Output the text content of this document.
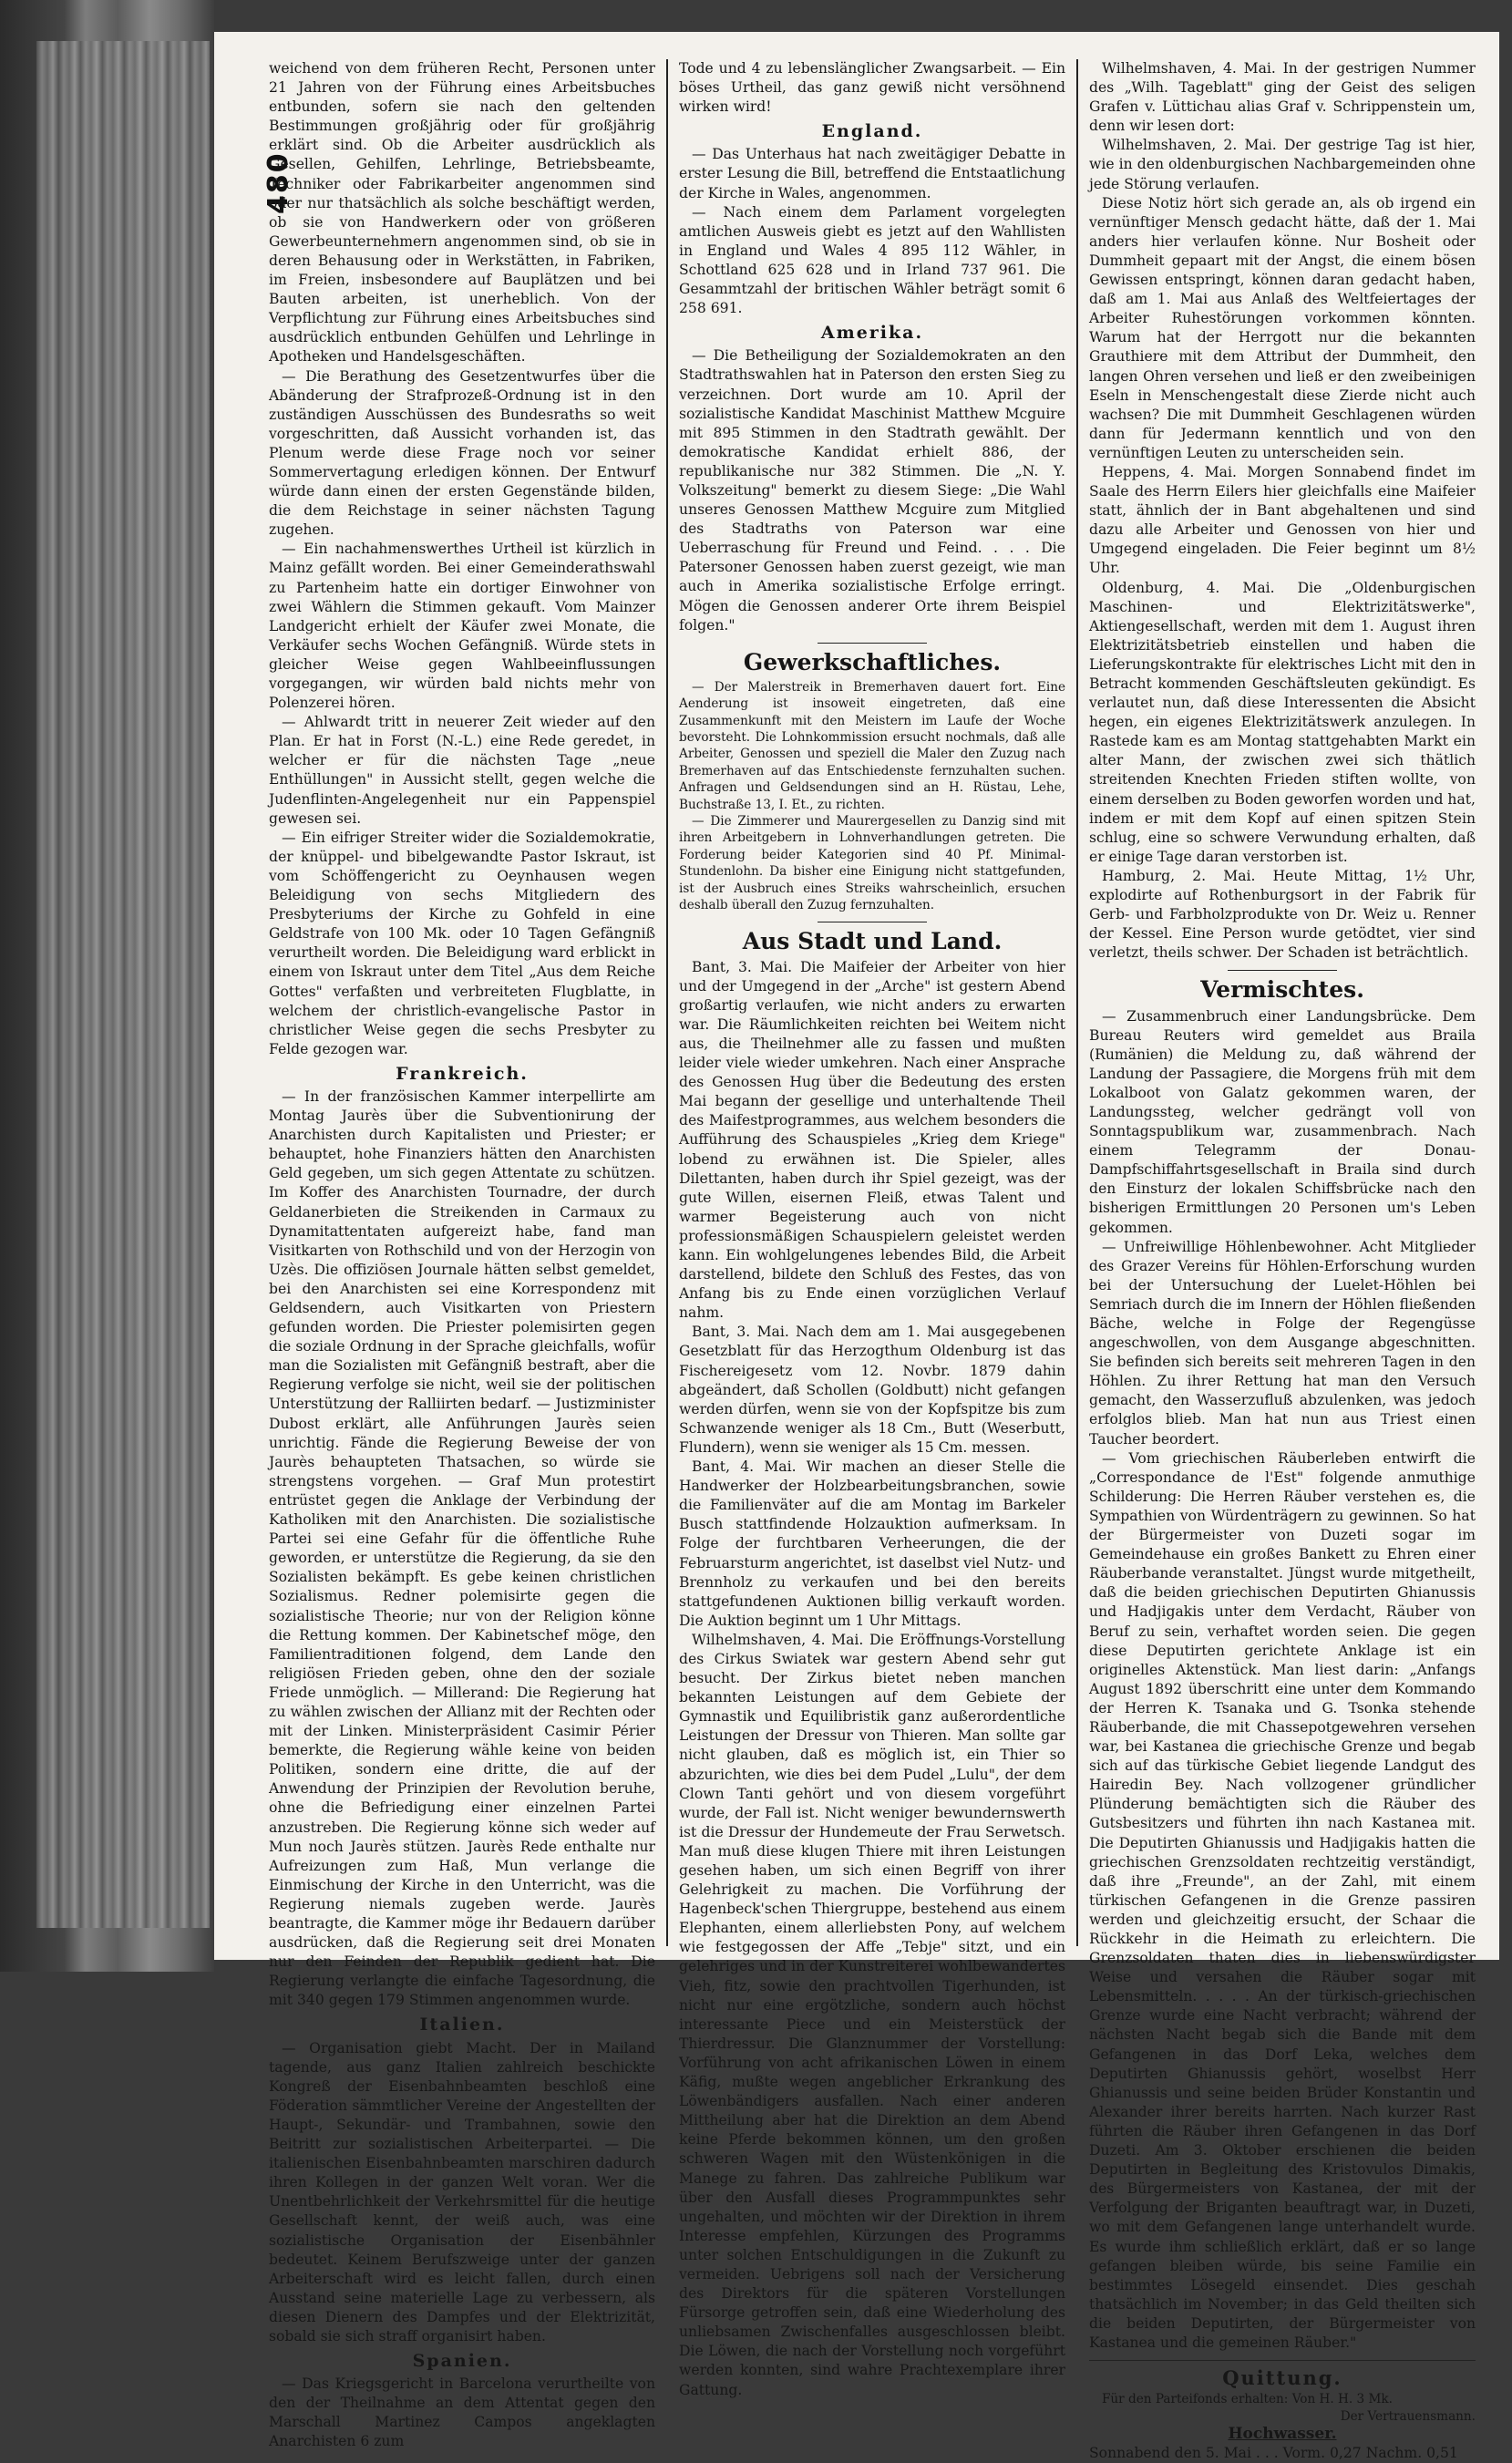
480

weichend von dem früheren Recht, Personen unter 21 Jahren von der Führung eines Arbeitsbuches entbunden, sofern sie nach den geltenden Bestimmungen großjährig oder für großjährig erklärt sind. Ob die Arbeiter ausdrücklich als Gesellen, Gehilfen, Lehrlinge, Betriebsbeamte, Techniker oder Fabrikarbeiter angenommen sind oder nur thatsächlich als solche beschäftigt werden, ob sie von Handwerkern oder von größeren Gewerbeunternehmern angenommen sind, ob sie in deren Behausung oder in Werkstätten, in Fabriken, im Freien, insbesondere auf Bauplätzen und bei Bauten arbeiten, ist unerheblich. Von der Verpflichtung zur Führung eines Arbeitsbuches sind ausdrücklich entbunden Gehülfen und Lehrlinge in Apotheken und Handelsgeschäften.

— Die Berathung des Gesetzentwurfes über die Abänderung der Strafprozeß-Ordnung ist in den zuständigen Ausschüssen des Bundesraths so weit vorgeschritten, daß Aussicht vorhanden ist, das Plenum werde diese Frage noch vor seiner Sommervertagung erledigen können. Der Entwurf würde dann einen der ersten Gegenstände bilden, die dem Reichstage in seiner nächsten Tagung zugehen.

— Ein nachahmenswerthes Urtheil ist kürzlich in Mainz gefällt worden. Bei einer Gemeinderathswahl zu Partenheim hatte ein dortiger Einwohner von zwei Wählern die Stimmen gekauft. Vom Mainzer Landgericht erhielt der Käufer zwei Monate, die Verkäufer sechs Wochen Gefängniß. Würde stets in gleicher Weise gegen Wahlbeeinflussungen vorgegangen, wir würden bald nichts mehr von Polenzerei hören.

— Ahlwardt tritt in neuerer Zeit wieder auf den Plan. Er hat in Forst (N.-L.) eine Rede geredet, in welcher er für die nächsten Tage „neue Enthüllungen" in Aussicht stellt, gegen welche die Judenflinten-Angelegenheit nur ein Pappenspiel gewesen sei.

— Ein eifriger Streiter wider die Sozialdemokratie, der knüppel- und bibelgewandte Pastor Iskraut, ist vom Schöffengericht zu Oeynhausen wegen Beleidigung von sechs Mitgliedern des Presbyteriums der Kirche zu Gohfeld in eine Geldstrafe von 100 Mk. oder 10 Tagen Gefängniß verurtheilt worden. Die Beleidigung ward erblickt in einem von Iskraut unter dem Titel „Aus dem Reiche Gottes" verfaßten und verbreiteten Flugblatte, in welchem der christlich-evangelische Pastor in christlicher Weise gegen die sechs Presbyter zu Felde gezogen war.

Frankreich.

— In der französischen Kammer interpellirte am Montag Jaurès über die Subventionirung der Anarchisten durch Kapitalisten und Priester; er behauptet, hohe Finanziers hätten den Anarchisten Geld gegeben, um sich gegen Attentate zu schützen. Im Koffer des Anarchisten Tournadre, der durch Geldanerbieten die Streikenden in Carmaux zu Dynamitattentaten aufgereizt habe, fand man Visitkarten von Rothschild und von der Herzogin von Uzès. Die offiziösen Journale hätten selbst gemeldet, bei den Anarchisten sei eine Korrespondenz mit Geldsendern, auch Visitkarten von Priestern gefunden worden. Die Priester polemisirten gegen die soziale Ordnung in der Sprache gleichfalls, wofür man die Sozialisten mit Gefängniß bestraft, aber die Regierung verfolge sie nicht, weil sie der politischen Unterstützung der Ralliirten bedarf. — Justizminister Dubost erklärt, alle Anführungen Jaurès seien unrichtig. Fände die Regierung Beweise der von Jaurès behaupteten Thatsachen, so würde sie strengstens vorgehen. — Graf Mun protestirt entrüstet gegen die Anklage der Verbindung der Katholiken mit den Anarchisten. Die sozialistische Partei sei eine Gefahr für die öffentliche Ruhe geworden, er unterstütze die Regierung, da sie den Sozialisten bekämpft. Es gebe keinen christlichen Sozialismus. Redner polemisirte gegen die sozialistische Theorie; nur von der Religion könne die Rettung kommen. Der Kabinetschef möge, den Familientraditionen folgend, dem Lande den religiösen Frieden geben, ohne den der soziale Friede unmöglich. — Millerand: Die Regierung hat zu wählen zwischen der Allianz mit der Rechten oder mit der Linken. Ministerpräsident Casimir Périer bemerkte, die Regierung wähle keine von beiden Politiken, sondern eine dritte, die auf der Anwendung der Prinzipien der Revolution beruhe, ohne die Befriedigung einer einzelnen Partei anzustreben. Die Regierung könne sich weder auf Mun noch Jaurès stützen. Jaurès Rede enthalte nur Aufreizungen zum Haß, Mun verlange die Einmischung der Kirche in den Unterricht, was die Regierung niemals zugeben werde. Jaurès beantragte, die Kammer möge ihr Bedauern darüber ausdrücken, daß die Regierung seit drei Monaten nur den Feinden der Republik gedient hat. Die Regierung verlangte die einfache Tagesordnung, die mit 340 gegen 179 Stimmen angenommen wurde.

Italien.

— Organisation giebt Macht. Der in Mailand tagende, aus ganz Italien zahlreich beschickte Kongreß der Eisenbahnbeamten beschloß eine Föderation sämmtlicher Vereine der Angestellten der Haupt-, Sekundär- und Trambahnen, sowie den Beitritt zur sozialistischen Arbeiterpartei. — Die italienischen Eisenbahnbeamten marschiren dadurch ihren Kollegen in der ganzen Welt voran. Wer die Unentbehrlichkeit der Verkehrsmittel für die heutige Gesellschaft kennt, der weiß auch, was eine sozialistische Organisation der Eisenbähnler bedeutet. Keinem Berufszweige unter der ganzen Arbeiterschaft wird es leicht fallen, durch einen Ausstand seine materielle Lage zu verbessern, als diesen Dienern des Dampfes und der Elektrizität, sobald sie sich straff organisirt haben.

Spanien.

— Das Kriegsgericht in Barcelona verurtheilte von den der Theilnahme an dem Attentat gegen den Marschall Martinez Campos angeklagten Anarchisten 6 zum

Tode und 4 zu lebenslänglicher Zwangsarbeit. — Ein böses Urtheil, das ganz gewiß nicht versöhnend wirken wird!

England.

— Das Unterhaus hat nach zweitägiger Debatte in erster Lesung die Bill, betreffend die Entstaatlichung der Kirche in Wales, angenommen.

— Nach einem dem Parlament vorgelegten amtlichen Ausweis giebt es jetzt auf den Wahllisten in England und Wales 4 895 112 Wähler, in Schottland 625 628 und in Irland 737 961. Die Gesammtzahl der britischen Wähler beträgt somit 6 258 691.

Amerika.

— Die Betheiligung der Sozialdemokraten an den Stadtrathswahlen hat in Paterson den ersten Sieg zu verzeichnen. Dort wurde am 10. April der sozialistische Kandidat Maschinist Matthew Mcguire mit 895 Stimmen in den Stadtrath gewählt. Der demokratische Kandidat erhielt 886, der republikanische nur 382 Stimmen. Die „N. Y. Volkszeitung" bemerkt zu diesem Siege: „Die Wahl unseres Genossen Matthew Mcguire zum Mitglied des Stadtraths von Paterson war eine Ueberraschung für Freund und Feind. . . . Die Patersoner Genossen haben zuerst gezeigt, wie man auch in Amerika sozialistische Erfolge erringt. Mögen die Genossen anderer Orte ihrem Beispiel folgen."

Gewerkschaftliches.

— Der Malerstreik in Bremerhaven dauert fort. Eine Aenderung ist insoweit eingetreten, daß eine Zusammenkunft mit den Meistern im Laufe der Woche bevorsteht. Die Lohnkommission ersucht nochmals, daß alle Arbeiter, Genossen und speziell die Maler den Zuzug nach Bremerhaven auf das Entschiedenste fernzuhalten suchen. Anfragen und Geldsendungen sind an H. Rüstau, Lehe, Buchstraße 13, I. Et., zu richten.

— Die Zimmerer und Maurergesellen zu Danzig sind mit ihren Arbeitgebern in Lohnverhandlungen getreten. Die Forderung beider Kategorien sind 40 Pf. Minimal-Stundenlohn. Da bisher eine Einigung nicht stattgefunden, ist der Ausbruch eines Streiks wahrscheinlich, ersuchen deshalb überall den Zuzug fernzuhalten.

Aus Stadt und Land.

Bant, 3. Mai. Die Maifeier der Arbeiter von hier und der Umgegend in der „Arche" ist gestern Abend großartig verlaufen, wie nicht anders zu erwarten war. Die Räumlichkeiten reichten bei Weitem nicht aus, die Theilnehmer alle zu fassen und mußten leider viele wieder umkehren. Nach einer Ansprache des Genossen Hug über die Bedeutung des ersten Mai begann der gesellige und unterhaltende Theil des Maifestprogrammes, aus welchem besonders die Aufführung des Schauspieles „Krieg dem Kriege" lobend zu erwähnen ist. Die Spieler, alles Dilettanten, haben durch ihr Spiel gezeigt, was der gute Willen, eisernen Fleiß, etwas Talent und warmer Begeisterung auch von nicht professionsmäßigen Schauspielern geleistet werden kann. Ein wohlgelungenes lebendes Bild, die Arbeit darstellend, bildete den Schluß des Festes, das von Anfang bis zu Ende einen vorzüglichen Verlauf nahm.

Bant, 3. Mai. Nach dem am 1. Mai ausgegebenen Gesetzblatt für das Herzogthum Oldenburg ist das Fischereigesetz vom 12. Novbr. 1879 dahin abgeändert, daß Schollen (Goldbutt) nicht gefangen werden dürfen, wenn sie von der Kopfspitze bis zum Schwanzende weniger als 18 Cm., Butt (Weserbutt, Flundern), wenn sie weniger als 15 Cm. messen.

Bant, 4. Mai. Wir machen an dieser Stelle die Handwerker der Holzbearbeitungsbranchen, sowie die Familienväter auf die am Montag im Barkeler Busch stattfindende Holzauktion aufmerksam. In Folge der furchtbaren Verheerungen, die der Februarsturm angerichtet, ist daselbst viel Nutz- und Brennholz zu verkaufen und bei den bereits stattgefundenen Auktionen billig verkauft worden. Die Auktion beginnt um 1 Uhr Mittags.

Wilhelmshaven, 4. Mai. Die Eröffnungs-Vorstellung des Cirkus Swiatek war gestern Abend sehr gut besucht. Der Zirkus bietet neben manchen bekannten Leistungen auf dem Gebiete der Gymnastik und Equilibristik ganz außerordentliche Leistungen der Dressur von Thieren. Man sollte gar nicht glauben, daß es möglich ist, ein Thier so abzurichten, wie dies bei dem Pudel „Lulu", der dem Clown Tanti gehört und von diesem vorgeführt wurde, der Fall ist. Nicht weniger bewundernswerth ist die Dressur der Hundemeute der Frau Serwetsch. Man muß diese klugen Thiere mit ihren Leistungen gesehen haben, um sich einen Begriff von ihrer Gelehrigkeit zu machen. Die Vorführung der Hagenbeck'schen Thiergruppe, bestehend aus einem Elephanten, einem allerliebsten Pony, auf welchem wie festgegossen der Affe „Tebje" sitzt, und ein gelehriges und in der Kunstreiterei wohlbewandertes Vieh, fitz, sowie den prachtvollen Tigerhunden, ist nicht nur eine ergötzliche, sondern auch höchst interessante Piece und ein Meisterstück der Thierdressur. Die Glanznummer der Vorstellung: Vorführung von acht afrikanischen Löwen in einem Käfig, mußte wegen angeblicher Erkrankung des Löwenbändigers ausfallen. Nach einer anderen Mittheilung aber hat die Direktion an dem Abend keine Pferde bekommen können, um den großen schweren Wagen mit den Wüstenkönigen in die Manege zu fahren. Das zahlreiche Publikum war über den Ausfall dieses Programmpunktes sehr ungehalten, und möchten wir der Direktion in ihrem Interesse empfehlen, Kürzungen des Programms unter solchen Entschuldigungen in die Zukunft zu vermeiden. Uebrigens soll nach der Versicherung des Direktors für die späteren Vorstellungen Fürsorge getroffen sein, daß eine Wiederholung des unliebsamen Zwischenfalles ausgeschlossen bleibt. Die Löwen, die nach der Vorstellung noch vorgeführt werden konnten, sind wahre Prachtexemplare ihrer Gattung.

Wilhelmshaven, 4. Mai. In der gestrigen Nummer des „Wilh. Tageblatt" ging der Geist des seligen Grafen v. Lüttichau alias Graf v. Schrippenstein um, denn wir lesen dort:

Wilhelmshaven, 2. Mai. Der gestrige Tag ist hier, wie in den oldenburgischen Nachbargemeinden ohne jede Störung verlaufen.

Diese Notiz hört sich gerade an, als ob irgend ein vernünftiger Mensch gedacht hätte, daß der 1. Mai anders hier verlaufen könne. Nur Bosheit oder Dummheit gepaart mit der Angst, die einem bösen Gewissen entspringt, können daran gedacht haben, daß am 1. Mai aus Anlaß des Weltfeiertages der Arbeiter Ruhestörungen vorkommen könnten. Warum hat der Herrgott nur die bekannten Grauthiere mit dem Attribut der Dummheit, den langen Ohren versehen und ließ er den zweibeinigen Eseln in Menschengestalt diese Zierde nicht auch wachsen? Die mit Dummheit Geschlagenen würden dann für Jedermann kenntlich und von den vernünftigen Leuten zu unterscheiden sein.

Heppens, 4. Mai. Morgen Sonnabend findet im Saale des Herrn Eilers hier gleichfalls eine Maifeier statt, ähnlich der in Bant abgehaltenen und sind dazu alle Arbeiter und Genossen von hier und Umgegend eingeladen. Die Feier beginnt um 8½ Uhr.

Oldenburg, 4. Mai. Die „Oldenburgischen Maschinen- und Elektrizitätswerke", Aktiengesellschaft, werden mit dem 1. August ihren Elektrizitätsbetrieb einstellen und haben die Lieferungskontrakte für elektrisches Licht mit den in Betracht kommenden Geschäftsleuten gekündigt. Es verlautet nun, daß diese Interessenten die Absicht hegen, ein eigenes Elektrizitätswerk anzulegen. In Rastede kam es am Montag stattgehabten Markt ein alter Mann, der zwischen zwei sich thätlich streitenden Knechten Frieden stiften wollte, von einem derselben zu Boden geworfen worden und hat, indem er mit dem Kopf auf einen spitzen Stein schlug, eine so schwere Verwundung erhalten, daß er einige Tage daran verstorben ist.

Hamburg, 2. Mai. Heute Mittag, 1½ Uhr, explodirte auf Rothenburgsort in der Fabrik für Gerb- und Farbholzprodukte von Dr. Weiz u. Renner der Kessel. Eine Person wurde getödtet, vier sind verletzt, theils schwer. Der Schaden ist beträchtlich.

Vermischtes.

— Zusammenbruch einer Landungsbrücke. Dem Bureau Reuters wird gemeldet aus Braila (Rumänien) die Meldung zu, daß während der Landung der Passagiere, die Morgens früh mit dem Lokalboot von Galatz gekommen waren, der Landungssteg, welcher gedrängt voll von Sonntagspublikum war, zusammenbrach. Nach einem Telegramm der Donau-Dampfschiffahrtsgesellschaft in Braila sind durch den Einsturz der lokalen Schiffsbrücke nach den bisherigen Ermittlungen 20 Personen um's Leben gekommen.

— Unfreiwillige Höhlenbewohner. Acht Mitglieder des Grazer Vereins für Höhlen-Erforschung wurden bei der Untersuchung der Luelet-Höhlen bei Semriach durch die im Innern der Höhlen fließenden Bäche, welche in Folge der Regengüsse angeschwollen, von dem Ausgange abgeschnitten. Sie befinden sich bereits seit mehreren Tagen in den Höhlen. Zu ihrer Rettung hat man den Versuch gemacht, den Wasserzufluß abzulenken, was jedoch erfolglos blieb. Man hat nun aus Triest einen Taucher beordert.

— Vom griechischen Räuberleben entwirft die „Correspondance de l'Est" folgende anmuthige Schilderung: Die Herren Räuber verstehen es, die Sympathien von Würdenträgern zu gewinnen. So hat der Bürgermeister von Duzeti sogar im Gemeindehause ein großes Bankett zu Ehren einer Räuberbande veranstaltet. Jüngst wurde mitgetheilt, daß die beiden griechischen Deputirten Ghianussis und Hadjigakis unter dem Verdacht, Räuber von Beruf zu sein, verhaftet worden seien. Die gegen diese Deputirten gerichtete Anklage ist ein originelles Aktenstück. Man liest darin: „Anfangs August 1892 überschritt eine unter dem Kommando der Herren K. Tsanaka und G. Tsonka stehende Räuberbande, die mit Chassepotgewehren versehen war, bei Kastanea die griechische Grenze und begab sich auf das türkische Gebiet liegende Landgut des Hairedin Bey. Nach vollzogener gründlicher Plünderung bemächtigten sich die Räuber des Gutsbesitzers und führten ihn nach Kastanea mit. Die Deputirten Ghianussis und Hadjigakis hatten die griechischen Grenzsoldaten rechtzeitig verständigt, daß ihre „Freunde", an der Zahl, mit einem türkischen Gefangenen in die Grenze passiren werden und gleichzeitig ersucht, der Schaar die Rückkehr in die Heimath zu erleichtern. Die Grenzsoldaten thaten dies in liebenswürdigster Weise und versahen die Räuber sogar mit Lebensmitteln. . . . . An der türkisch-griechischen Grenze wurde eine Nacht verbracht; während der nächsten Nacht begab sich die Bande mit dem Gefangenen in das Dorf Leka, welches dem Deputirten Ghianussis gehört, woselbst Herr Ghianussis und seine beiden Brüder Konstantin und Alexander ihrer bereits harrten. Nach kurzer Rast führten die Räuber ihren Gefangenen in das Dorf Duzeti. Am 3. Oktober erschienen die beiden Deputirten in Begleitung des Kristovulos Dimakis, des Bürgermeisters von Kastanea, der mit der Verfolgung der Briganten beauftragt war, in Duzeti, wo mit dem Gefangenen lange unterhandelt wurde. Es wurde ihm schließlich erklärt, daß er so lange gefangen bleiben würde, bis seine Familie ein bestimmtes Lösegeld einsendet. Dies geschah thatsächlich im November; in das Geld theilten sich die beiden Deputirten, der Bürgermeister von Kastanea und die gemeinen Räuber."

Quittung.

Für den Parteifonds erhalten: Von H. H. 3 Mk.

Der Vertrauensmann.

Hochwasser.

Sonnabend den 5. Mai . . . Vorm. 0,27 Nachm. 0,51
